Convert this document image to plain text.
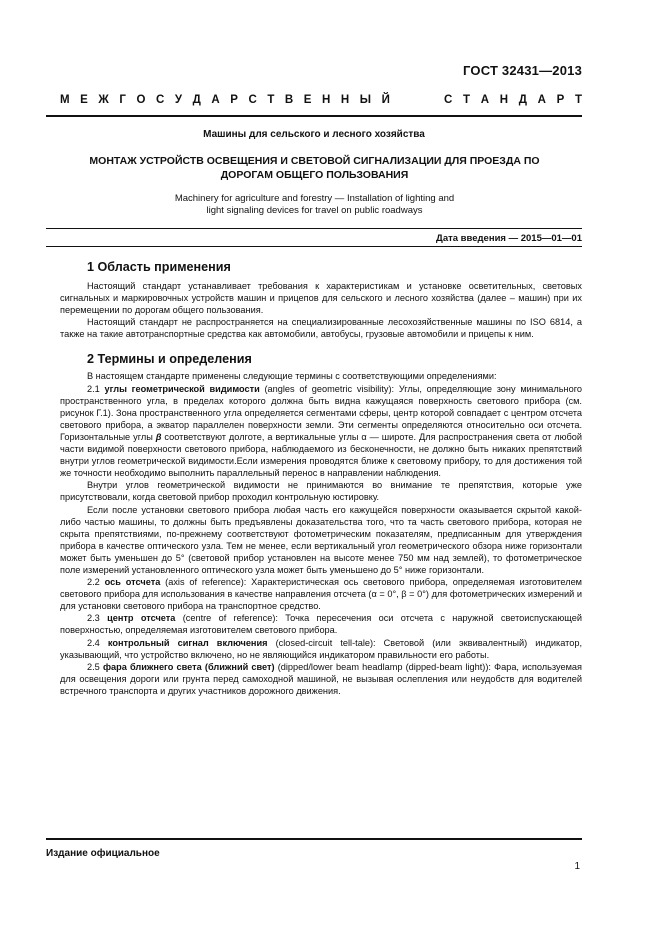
ГОСТ 32431—2013
М Е Ж Г О С У Д А Р С Т В Е Н Н Ы Й	С Т А Н Д А Р Т
Машины для сельского и лесного хозяйства
МОНТАЖ УСТРОЙСТВ ОСВЕЩЕНИЯ И СВЕТОВОЙ СИГНАЛИЗАЦИИ ДЛЯ ПРОЕЗДА ПО
ДОРОГАМ ОБЩЕГО ПОЛЬЗОВАНИЯ
Machinery for agriculture and forestry — Installation of lighting and
light signaling devices for travel on public roadways
Дата введения — 2015—01—01
1 Область применения

Настоящий стандарт устанавливает требования к характеристикам и установке осветительных, световых сигнальных и маркировочных устройств машин и прицепов для сельского и лесного хозяйства (далее – машин) при их перемещении по дорогам общего пользования.

Настоящий стандарт не распространяется на специализированные лесохозяйственные машины по ISO 6814, а также на такие автотранспортные средства как автомобили, автобусы, грузовые автомобили и прицепы к ним.

2 Термины и определения

В настоящем стандарте применены следующие термины с соответствующими определениями:

2.1 углы геометрической видимости (angles of geometric visibility): Углы, определяющие зону минимального пространственного угла, в пределах которого должна быть видна кажущаяся поверхность светового прибора (см. рисунок Г.1). Зона пространственного угла определяется сегментами сферы, центр которой совпадает с центром отсчета светового прибора, а экватор параллелен поверхности земли. Эти сегменты определяются относительно оси отсчета. Горизонтальные углы β соответствуют долготе, а вертикальные углы α — широте. Для распространения света от любой части видимой поверхности светового прибора, наблюдаемого из бесконечности, не должно быть никаких препятствий внутри углов геометрической видимости.Если измерения проводятся ближе к световому прибору, то для достижения той же точности необходимо выполнить параллельный перенос в направлении наблюдения.

Внутри углов геометрической видимости не принимаются во внимание те препятствия, которые уже присутствовали, когда световой прибор проходил контрольную юстировку.

Если после установки светового прибора любая часть его кажущейся поверхности оказывается скрытой какой-либо частью машины, то должны быть предъявлены доказательства того, что та часть светового прибора, которая не скрыта препятствиями, по-прежнему соответствуют фотометрическим показателям, предписанным для утверждения прибора в качестве оптического узла. Тем не менее, если вертикальный угол геометрического обзора ниже горизонтали может быть уменьшен до 5° (световой прибор установлен на высоте менее 750 мм над землей), то фотометрическое поле измерений установленного оптического узла может быть уменьшено до 5° ниже горизонтали.

2.2 ось отсчета (axis of reference): Характеристическая ось светового прибора, определяемая изготовителем светового прибора для использования в качестве направления отсчета (α = 0°, β = 0°) для фотометрических измерений и для установки светового прибора на транспортное средство.

2.3 центр отсчета (centre of reference): Точка пересечения оси отсчета с наружной светоиспускающей поверхностью, определяемая изготовителем светового прибора.

2.4 контрольный сигнал включения (closed-circuit tell-tale): Световой (или эквивалентный) индикатор, указывающий, что устройство включено, но не являющийся индикатором правильности его работы.

2.5 фара ближнего света (ближний свет) (dipped/lower beam headlamp (dipped-beam light)): Фара, используемая для освещения дороги или грунта перед самоходной машиной, не вызывая ослепления или неудобств для водителей встречного транспорта и других участников дорожного движения.

Издание официальное
1
